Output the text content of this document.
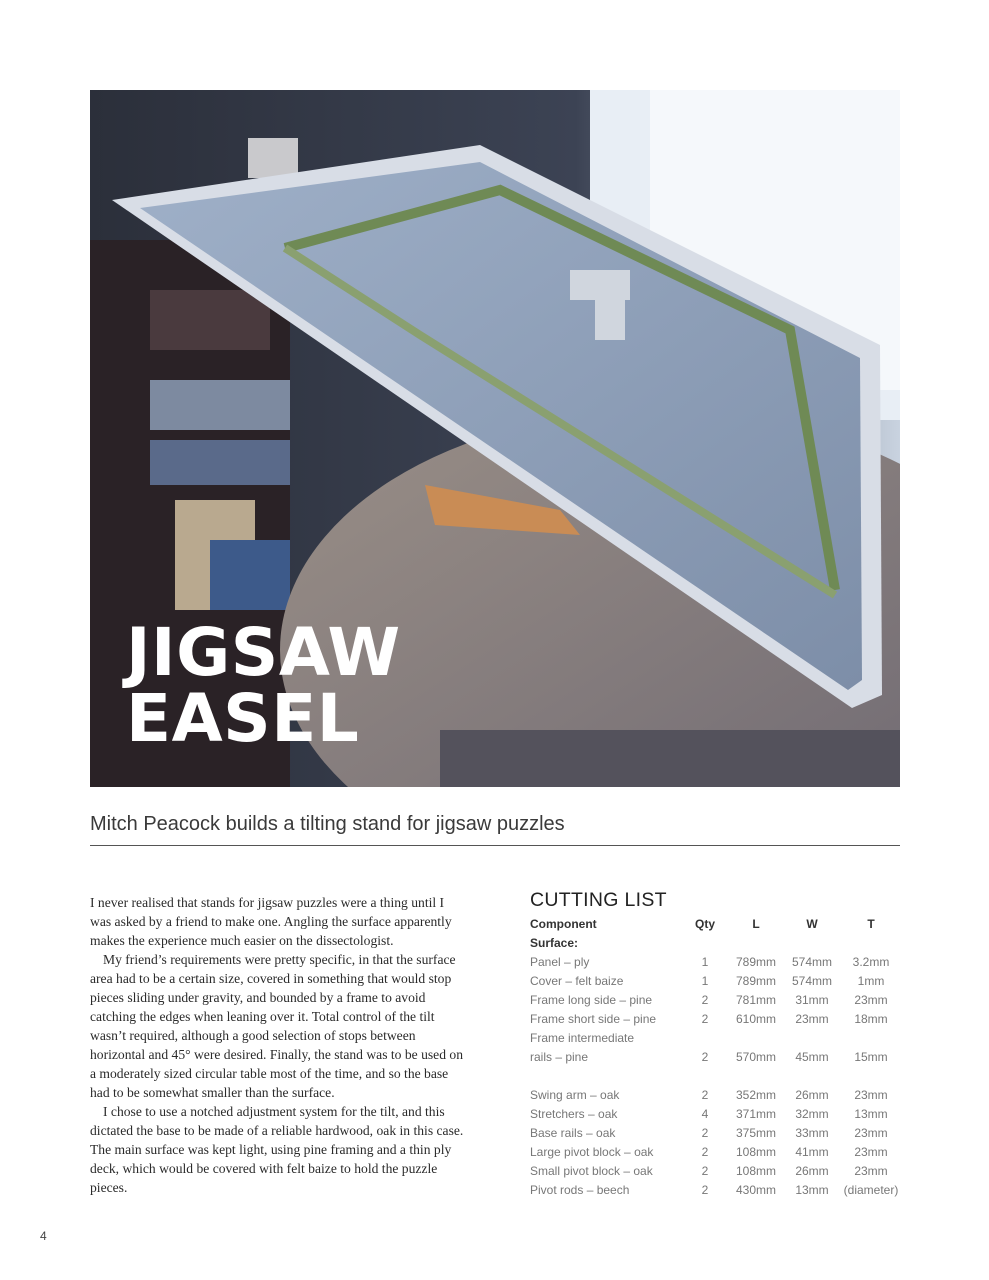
JIGSAW
EASEL
Mitch Peacock builds a tilting stand for jigsaw puzzles

I never realised that stands for jigsaw puzzles were a thing until I was asked by a friend to make one. Angling the surface apparently makes the experience much easier on the dissectologist.

My friend’s requirements were pretty specific, in that the surface area had to be a certain size, covered in something that would stop pieces sliding under gravity, and bounded by a frame to avoid catching the edges when leaning over it. Total control of the tilt wasn’t required, although a good selection of stops between horizontal and 45° were desired. Finally, the stand was to be used on a moderately sized circular table most of the time, and so the base had to be somewhat smaller than the surface.

I chose to use a notched adjustment system for the tilt, and this dictated the base to be made of a reliable hardwood, oak in this case. The main surface was kept light, using pine framing and a thin ply deck, which would be covered with felt baize to hold the puzzle pieces.

CUTTING LIST
Component	Qty	L	W	T
Surface:				
Panel – ply	1	789mm	574mm	3.2mm
Cover – felt baize	1	789mm	574mm	1mm
Frame long side – pine	2	781mm	31mm	23mm
Frame short side – pine	2	610mm	23mm	18mm
Frame intermediate				
rails – pine	2	570mm	45mm	15mm

Swing arm – oak	2	352mm	26mm	23mm
Stretchers – oak	4	371mm	32mm	13mm
Base rails – oak	2	375mm	33mm	23mm
Large pivot block – oak	2	108mm	41mm	23mm
Small pivot block – oak	2	108mm	26mm	23mm
Pivot rods – beech	2	430mm	13mm	(diameter)
4
